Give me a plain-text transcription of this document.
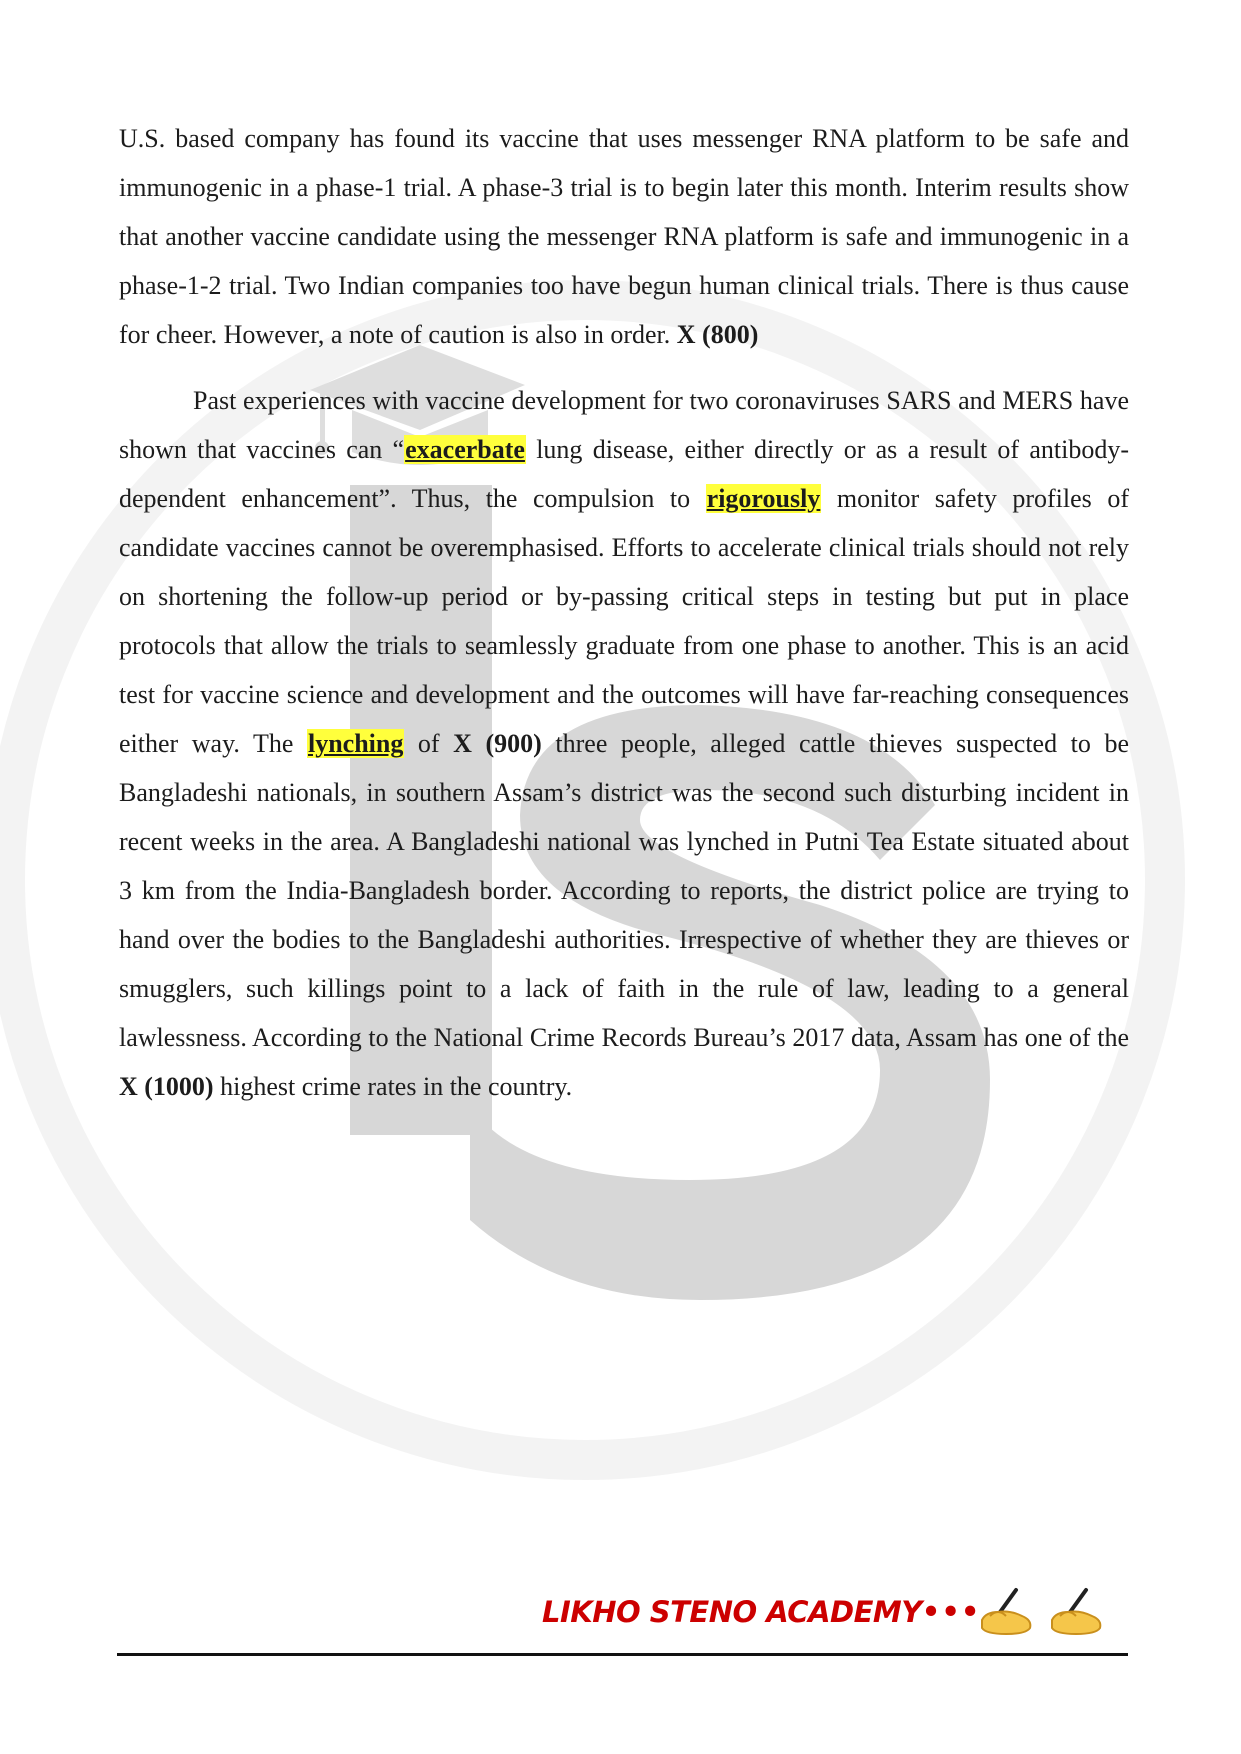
U.S. based company has found its vaccine that uses messenger RNA platform to be safe and immunogenic in a phase-1 trial. A phase-3 trial is to begin later this month. Interim results show that another vaccine candidate using the messenger RNA platform is safe and immunogenic in a phase-1-2 trial. Two Indian companies too have begun human clinical trials. There is thus cause for cheer. However, a note of caution is also in order. X (800)

Past experiences with vaccine development for two coronaviruses SARS and MERS have shown that vaccines can “exacerbate lung disease, either directly or as a result of antibody-dependent enhancement”. Thus, the compulsion to rigorously monitor safety profiles of candidate vaccines cannot be overemphasised. Efforts to accelerate clinical trials should not rely on shortening the follow-up period or by-passing critical steps in testing but put in place protocols that allow the trials to seamlessly graduate from one phase to another. This is an acid test for vaccine science and development and the outcomes will have far-reaching consequences either way. The lynching of X (900) three people, alleged cattle thieves suspected to be Bangladeshi nationals, in southern Assam’s district was the second such disturbing incident in recent weeks in the area. A Bangladeshi national was lynched in Putni Tea Estate situated about 3 km from the India-Bangladesh border. According to reports, the district police are trying to hand over the bodies to the Bangladeshi authorities. Irrespective of whether they are thieves or smugglers, such killings point to a lack of faith in the rule of law, leading to a general lawlessness. According to the National Crime Records Bureau’s 2017 data, Assam has one of the X (1000) highest crime rates in the country.

LIKHO STENO ACADEMY•••
